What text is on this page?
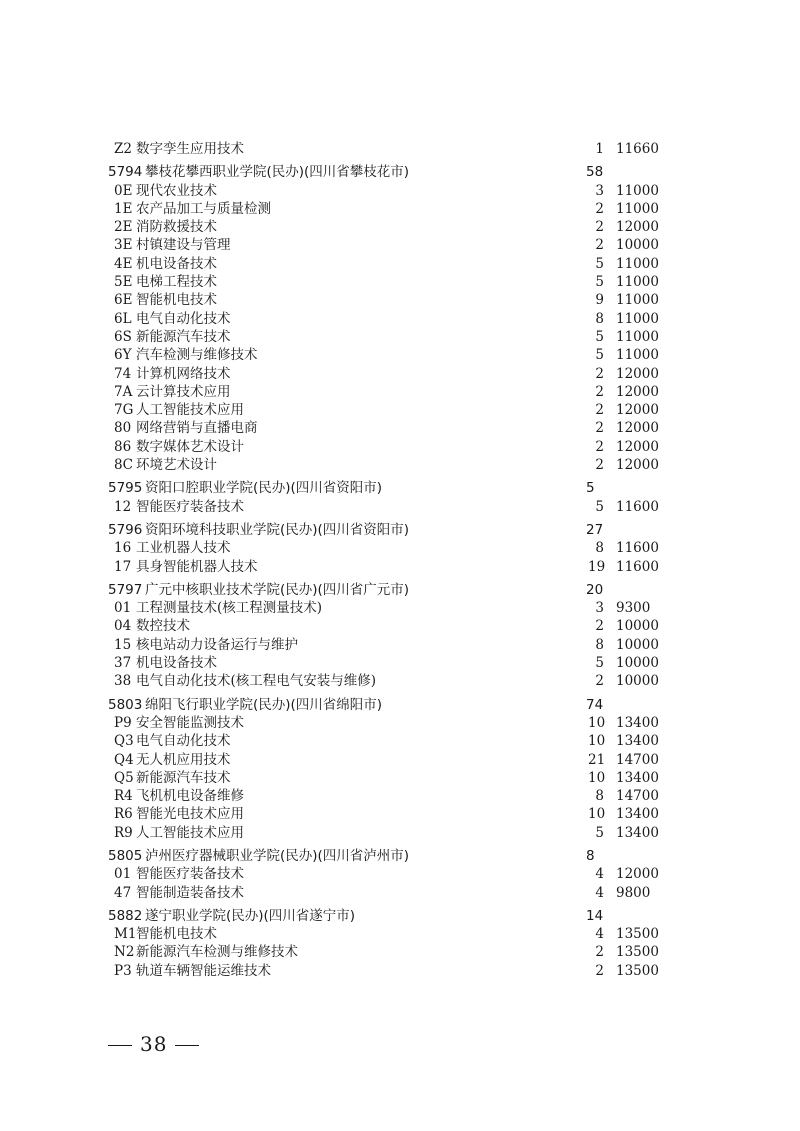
Z2 数字孪生应用技术	1 11660
5794 攀枝花攀西职业学院(民办)(四川省攀枝花市)	58
0E 现代农业技术	3 11000
1E 农产品加工与质量检测	2 11000
2E 消防救援技术	2 12000
3E 村镇建设与管理	2 10000
4E 机电设备技术	5 11000
5E 电梯工程技术	5 11000
6E 智能机电技术	9 11000
6L 电气自动化技术	8 11000
6S 新能源汽车技术	5 11000
6Y 汽车检测与维修技术	5 11000
74 计算机网络技术	2 12000
7A 云计算技术应用	2 12000
7G 人工智能技术应用	2 12000
80 网络营销与直播电商	2 12000
86 数字媒体艺术设计	2 12000
8C 环境艺术设计	2 12000
5795 资阳口腔职业学院(民办)(四川省资阳市)	5
12 智能医疗装备技术	5 11600
5796 资阳环境科技职业学院(民办)(四川省资阳市)	27
16 工业机器人技术	8 11600
17 具身智能机器人技术	19 11600
5797 广元中核职业技术学院(民办)(四川省广元市)	20
01 工程测量技术(核工程测量技术)	3 9300
04 数控技术	2 10000
15 核电站动力设备运行与维护	8 10000
37 机电设备技术	5 10000
38 电气自动化技术(核工程电气安装与维修)	2 10000
5803 绵阳飞行职业学院(民办)(四川省绵阳市)	74
P9 安全智能监测技术	10 13400
Q3 电气自动化技术	10 13400
Q4 无人机应用技术	21 14700
Q5 新能源汽车技术	10 13400
R4 飞机机电设备维修	8 14700
R6 智能光电技术应用	10 13400
R9 人工智能技术应用	5 13400
5805 泸州医疗器械职业学院(民办)(四川省泸州市)	8
01 智能医疗装备技术	4 12000
47 智能制造装备技术	4 9800
5882 遂宁职业学院(民办)(四川省遂宁市)	14
M1 智能机电技术	4 13500
N2 新能源汽车检测与维修技术	2 13500
P3 轨道车辆智能运维技术	2 13500
38
